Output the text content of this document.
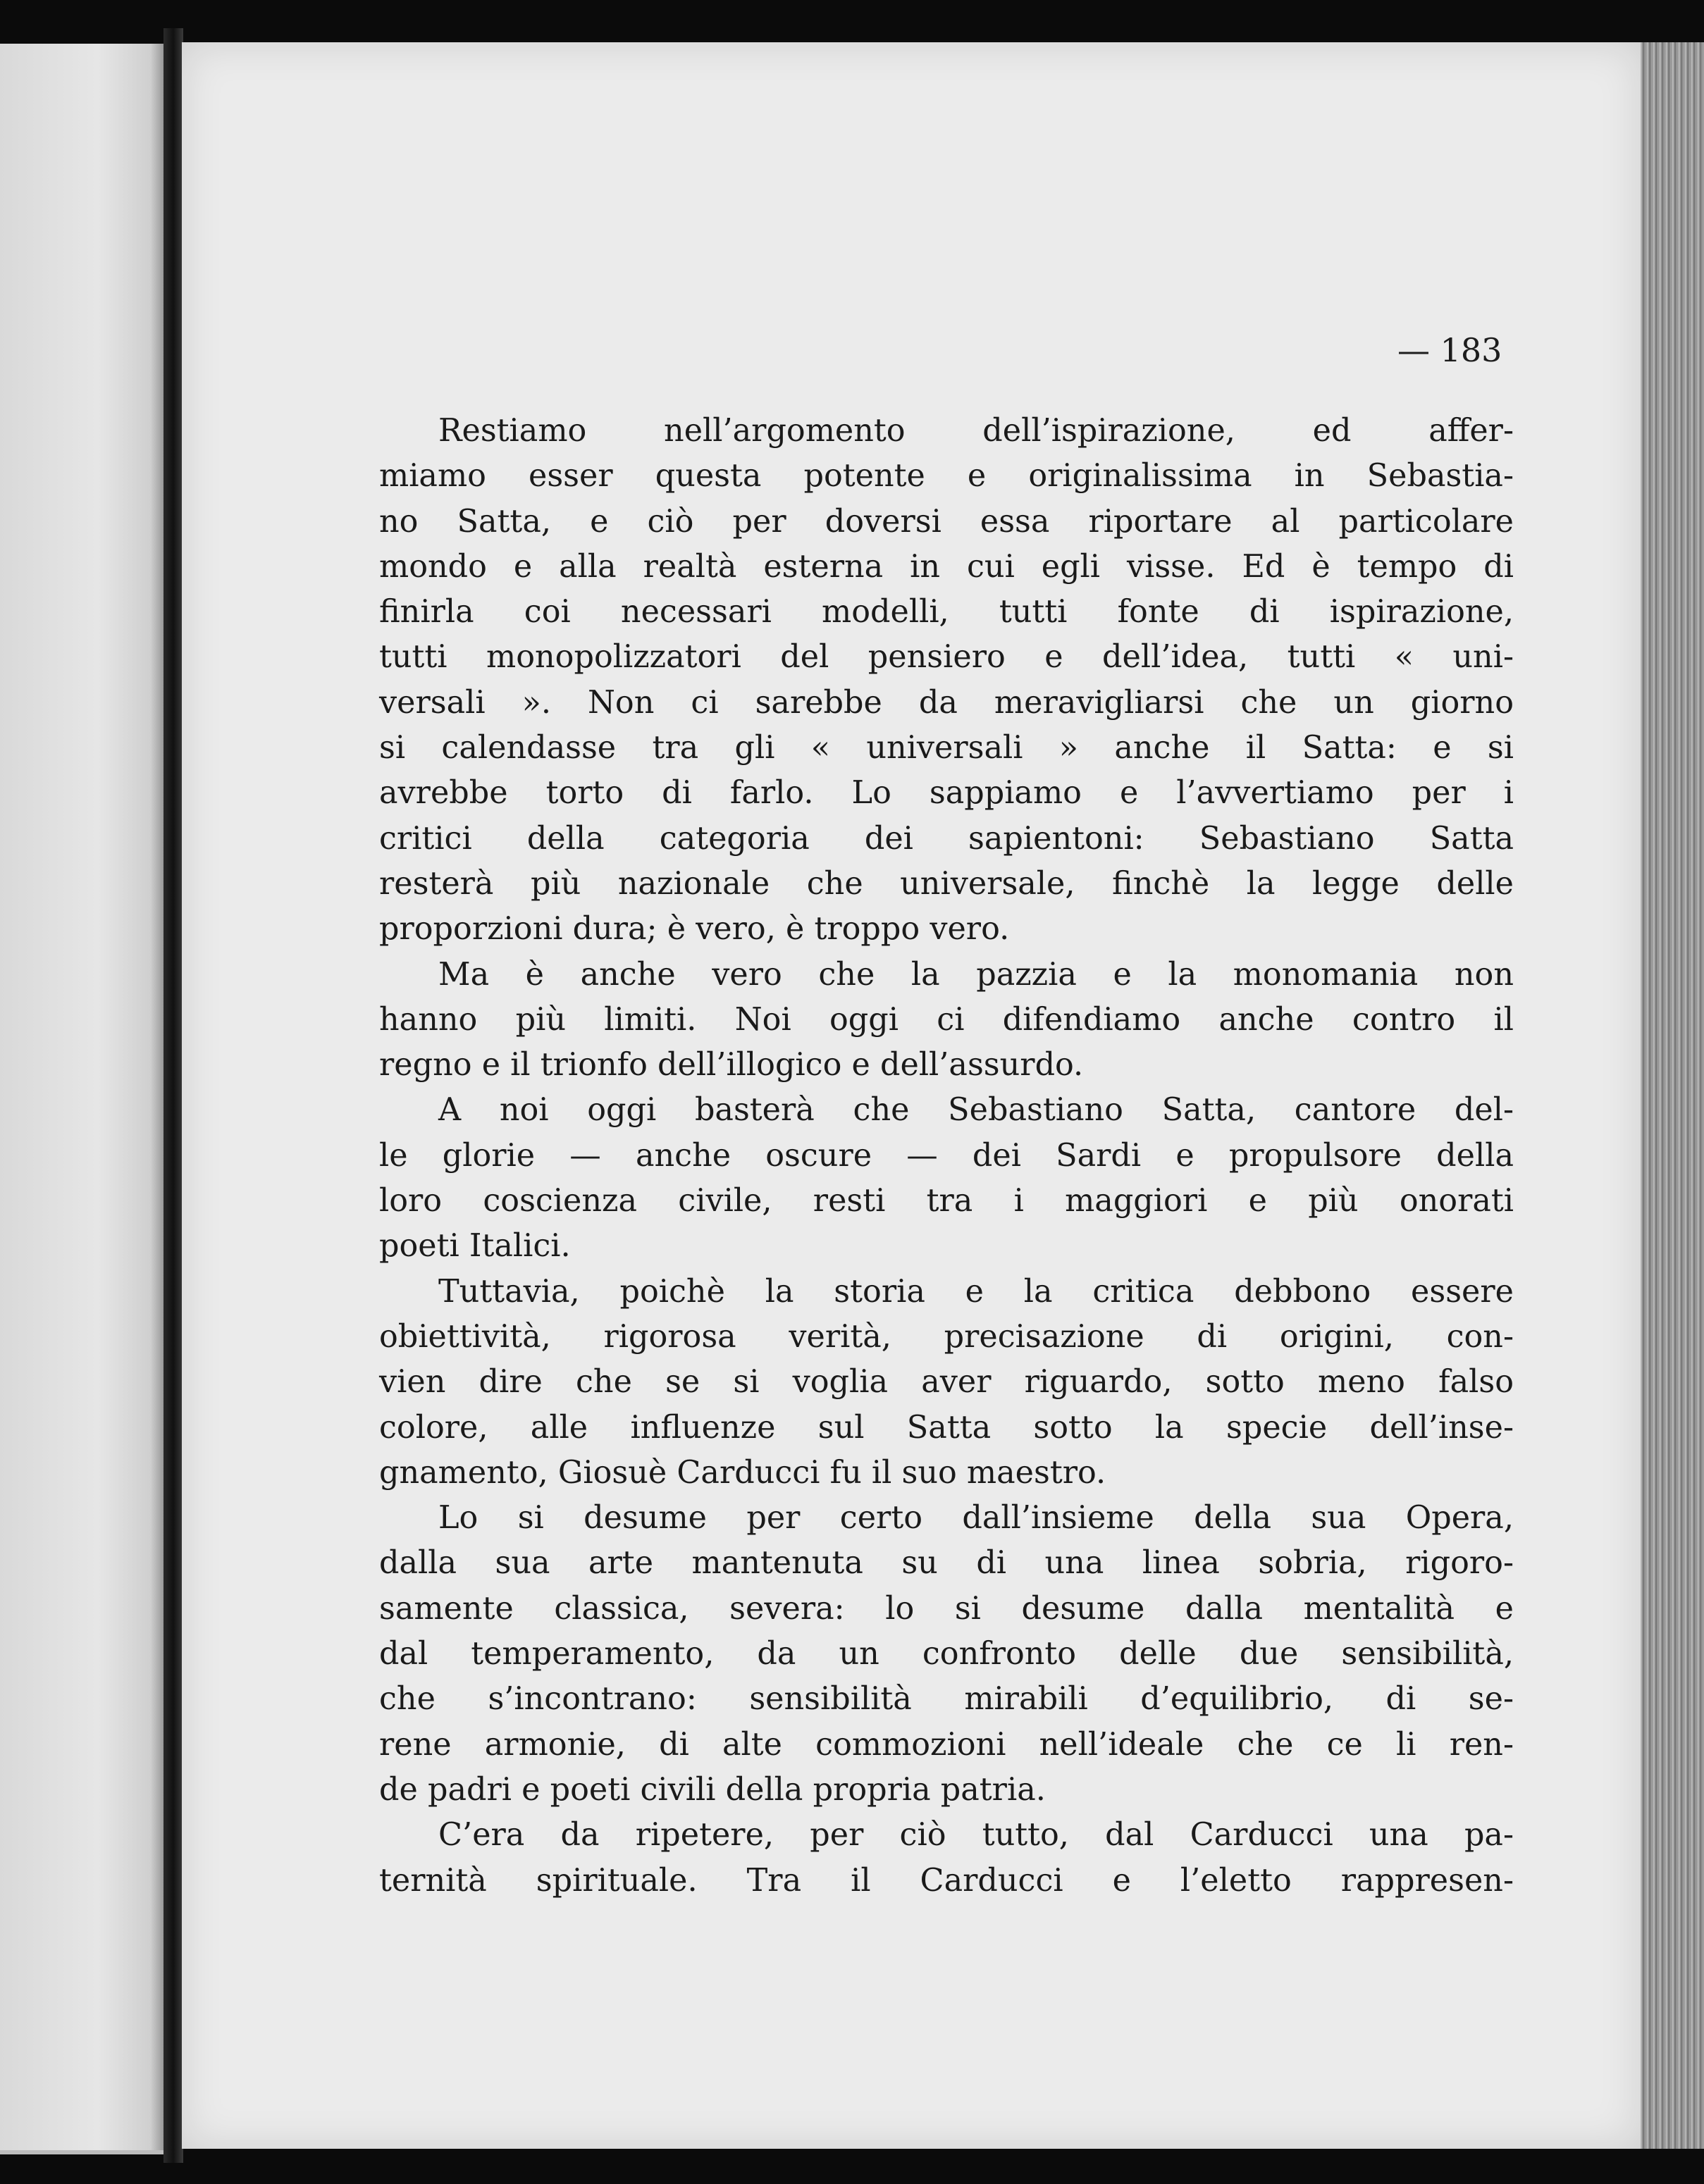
— 183
Restiamo nell’argomento dell’ispirazione, ed affer-
miamo esser questa potente e originalissima in Sebastia-
no Satta, e ciò per doversi essa riportare al particolare
mondo e alla realtà esterna in cui egli visse. Ed è tempo di
finirla coi necessari modelli, tutti fonte di ispirazione,
tutti monopolizzatori del pensiero e dell’idea, tutti « uni-
versali ». Non ci sarebbe da meravigliarsi che un giorno
si calendasse tra gli « universali » anche il Satta: e si
avrebbe torto di farlo. Lo sappiamo e l’avvertiamo per i
critici della categoria dei sapientoni: Sebastiano Satta
resterà più nazionale che universale, finchè la legge delle
proporzioni dura; è vero, è troppo vero.
Ma è anche vero che la pazzia e la monomania non
hanno più limiti. Noi oggi ci difendiamo anche contro il
regno e il trionfo dell’illogico e dell’assurdo.
A noi oggi basterà che Sebastiano Satta, cantore del-
le glorie — anche oscure — dei Sardi e propulsore della
loro coscienza civile, resti tra i maggiori e più onorati
poeti Italici.
Tuttavia, poichè la storia e la critica debbono essere
obiettività, rigorosa verità, precisazione di origini, con-
vien dire che se si voglia aver riguardo, sotto meno falso
colore, alle influenze sul Satta sotto la specie dell’inse-
gnamento, Giosuè Carducci fu il suo maestro.
Lo si desume per certo dall’insieme della sua Opera,
dalla sua arte mantenuta su di una linea sobria, rigoro-
samente classica, severa: lo si desume dalla mentalità e
dal temperamento, da un confronto delle due sensibilità,
che s’incontrano: sensibilità mirabili d’equilibrio, di se-
rene armonie, di alte commozioni nell’ideale che ce li ren-
de padri e poeti civili della propria patria.
C’era da ripetere, per ciò tutto, dal Carducci una pa-
ternità spirituale. Tra il Carducci e l’eletto rappresen-
